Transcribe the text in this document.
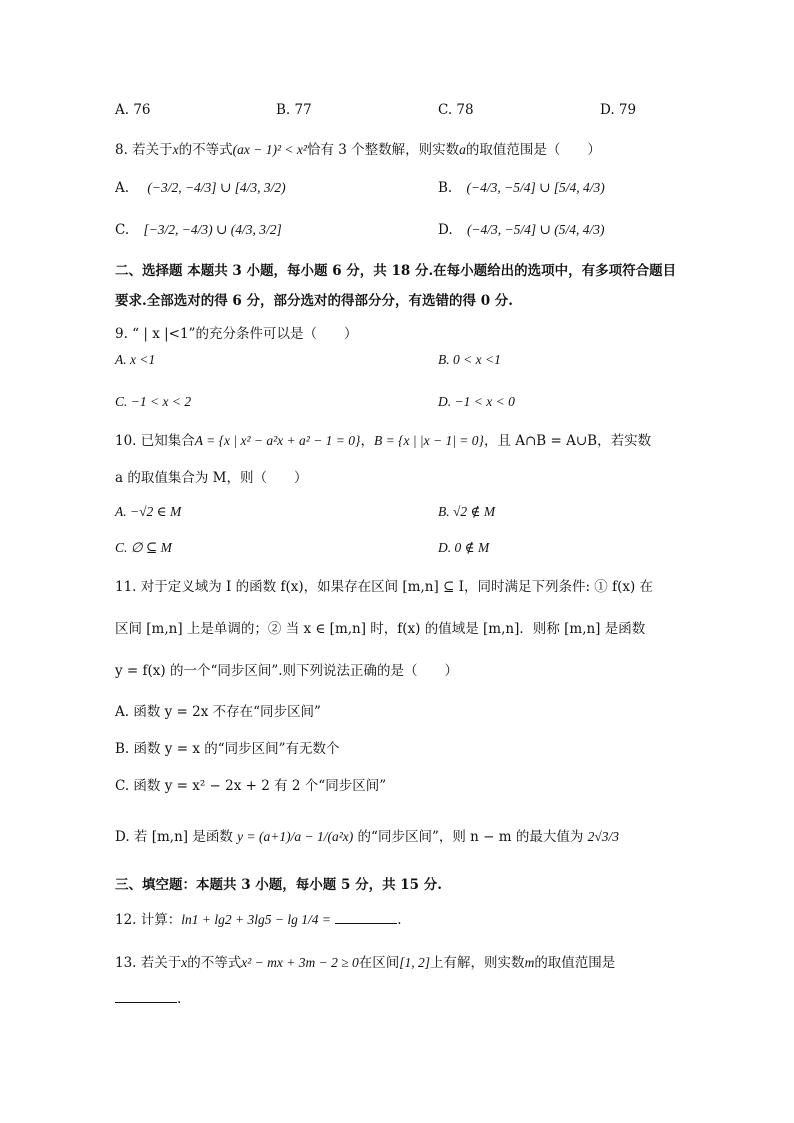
A. 76	B. 77	C. 78	D. 79
8. 若关于x的不等式(ax − 1)² < x²恰有 3 个整数解，则实数a的取值范围是（　　）
A. (−3/2, −4/3] ∪ [4/3, 3/2)	B. (−4/3, −5/4] ∪ [5/4, 4/3)
C. [−3/2, −4/3) ∪ (4/3, 3/2]	D. (−4/3, −5/4] ∪ (5/4, 4/3)
二、选择题 本题共 3 小题，每小题 6 分，共 18 分.在每小题给出的选项中，有多项符合题目
要求.全部选对的得 6 分，部分选对的得部分分，有选错的得 0 分.
9. “ | x |<1”的充分条件可以是（　　）
A. x <1	B. 0 < x <1
C. −1 < x < 2	D. −1 < x < 0
10. 已知集合A = {x | x² − a²x + a² − 1 = 0}，B = {x | |x − 1| = 0}，且 A∩B = A∪B，若实数
a 的取值集合为 M，则（　　）
A. −√2 ∈ M	B. √2 ∉ M
C. ∅ ⊆ M	D. 0 ∉ M
11. 对于定义域为 I 的函数 f(x)，如果存在区间 [m,n] ⊆ I，同时满足下列条件: ① f(x) 在
区间 [m,n] 上是单调的；② 当 x ∈ [m,n] 时，f(x) 的值域是 [m,n]．则称 [m,n] 是函数
y = f(x) 的一个“同步区间”.则下列说法正确的是（　　）
A. 函数 y = 2x 不存在“同步区间”
B. 函数 y = x 的“同步区间”有无数个
C. 函数 y = x² − 2x + 2 有 2 个“同步区间”
D. 若 [m,n] 是函数 y = (a+1)/a − 1/(a²x) 的“同步区间”，则 n − m 的最大值为 2√3/3
三、填空题：本题共 3 小题，每小题 5 分，共 15 分.
12. 计算：ln1 + lg2 + 3lg5 − lg 1/4 =	.
13. 若关于x的不等式x² − mx + 3m − 2 ≥ 0在区间[1, 2]上有解，则实数m的取值范围是
.
